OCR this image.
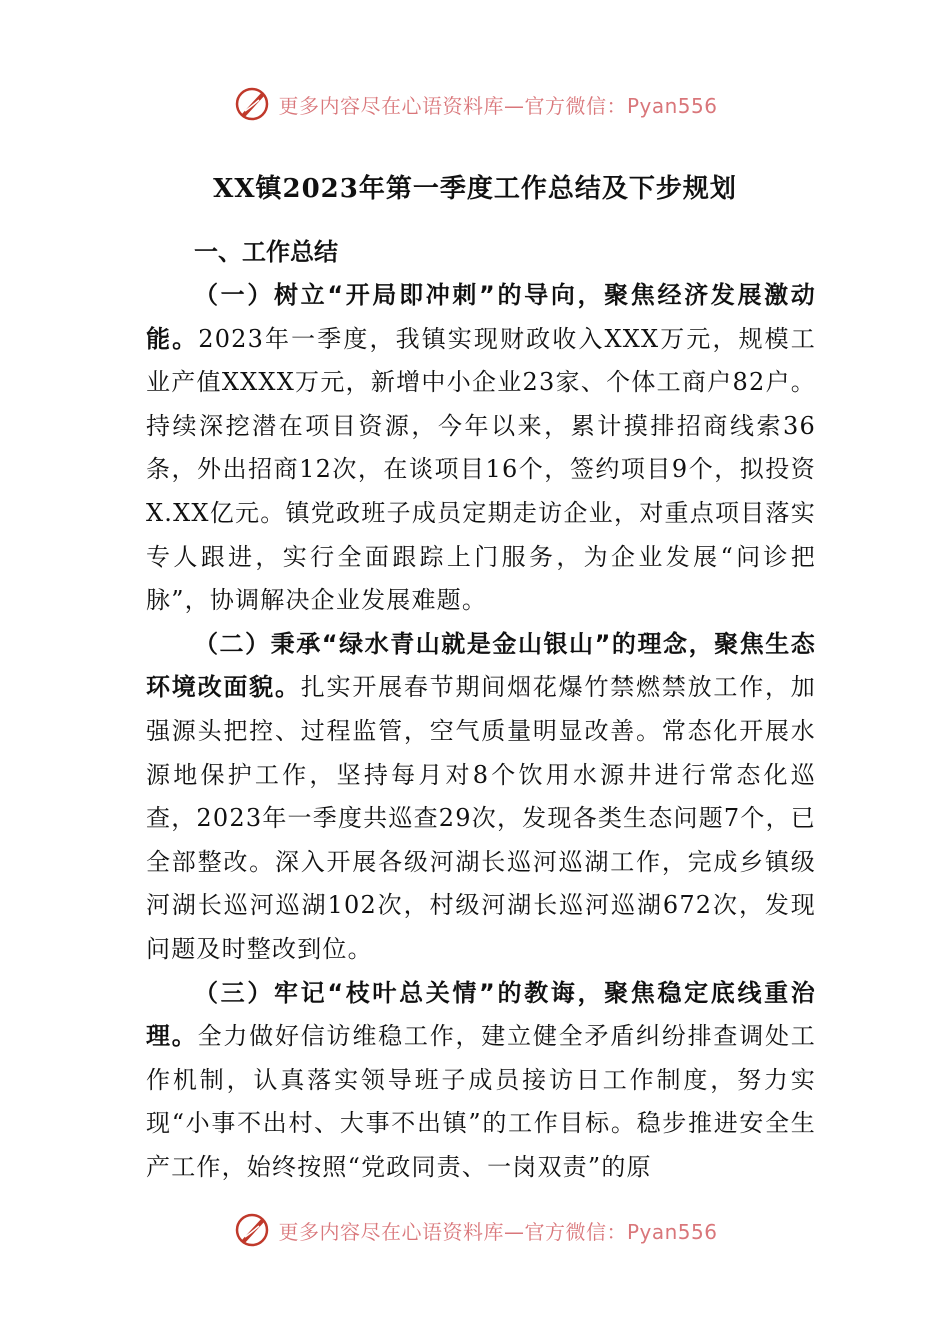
更多内容尽在心语资料库—官方微信：Pyan556
XX镇2023年第一季度工作总结及下步规划
一、工作总结

（一）树立“开局即冲刺”的导向，聚焦经济发展激动能。2023年一季度，我镇实现财政收入XXX万元，规模工业产值XXXX万元，新增中小企业23家、个体工商户82户。持续深挖潜在项目资源，今年以来，累计摸排招商线索36条，外出招商12次，在谈项目16个，签约项目9个，拟投资X.XX亿元。镇党政班子成员定期走访企业，对重点项目落实专人跟进，实行全面跟踪上门服务，为企业发展“问诊把脉”，协调解决企业发展难题。

（二）秉承“绿水青山就是金山银山”的理念，聚焦生态环境改面貌。扎实开展春节期间烟花爆竹禁燃禁放工作，加强源头把控、过程监管，空气质量明显改善。常态化开展水源地保护工作，坚持每月对8个饮用水源井进行常态化巡查，2023年一季度共巡查29次，发现各类生态问题7个，已全部整改。深入开展各级河湖长巡河巡湖工作，完成乡镇级河湖长巡河巡湖102次，村级河湖长巡河巡湖672次，发现问题及时整改到位。

（三）牢记“枝叶总关情”的教诲，聚焦稳定底线重治理。全力做好信访维稳工作，建立健全矛盾纠纷排查调处工作机制，认真落实领导班子成员接访日工作制度，努力实现“小事不出村、大事不出镇”的工作目标。稳步推进安全生产工作，始终按照“党政同责、一岗双责”的原

更多内容尽在心语资料库—官方微信：Pyan556
